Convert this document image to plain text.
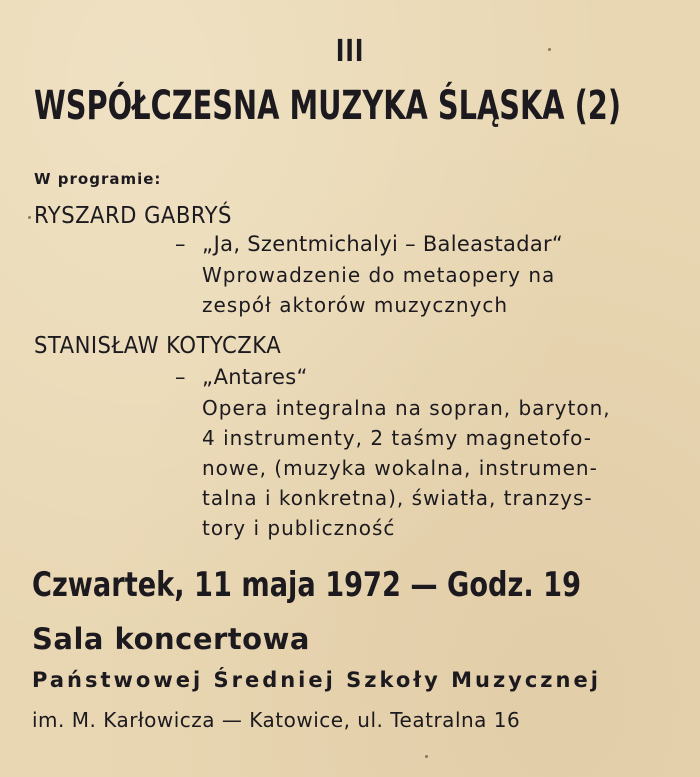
III
WSPÓŁCZESNA MUZYKA ŚLĄSKA (2)
W programie:
RYSZARD GABRYŚ
– „Ja, Szentmichalyi – Baleastadar“
Wprowadzenie do metaopery na
zespół aktorów muzycznych
STANISŁAW KOTYCZKA
– „Antares“
Opera integralna na sopran, baryton,
4 instrumenty, 2 taśmy magnetofo-
nowe, (muzyka wokalna, instrumen-
talna i konkretna), światła, tranzys-
tory i publiczność
Czwartek, 11 maja 1972 — Godz. 19
Sala koncertowa
Państwowej Średniej Szkoły Muzycznej
im. M. Karłowicza — Katowice, ul. Teatralna 16
